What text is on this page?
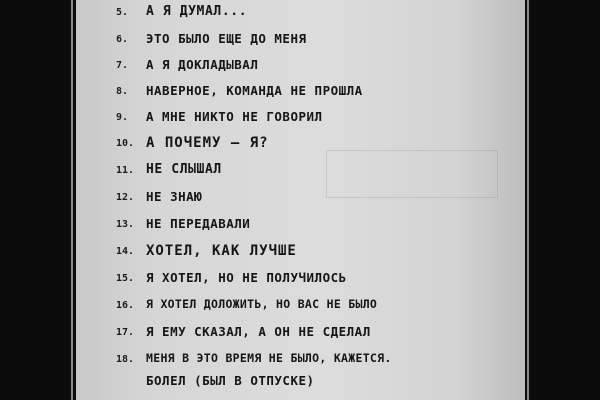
5.	А Я ДУМАЛ...
6.	ЭТО БЫЛО ЕЩЕ ДО МЕНЯ
7.	А Я ДОКЛАДЫВАЛ
8.	НАВЕРНОЕ, КОМАНДА НЕ ПРОШЛА
9.	А МНЕ НИКТО НЕ ГОВОРИЛ
10. А ПОЧЕМУ — Я?
11. НЕ СЛЫШАЛ
12. НЕ ЗНАЮ
13. НЕ ПЕРЕДАВАЛИ
14. ХОТЕЛ, КАК ЛУЧШЕ
15. Я ХОТЕЛ, НО НЕ ПОЛУЧИЛОСЬ
16.	Я ХОТЕЛ ДОЛОЖИТЬ, НО ВАС НЕ БЫЛО
17. Я ЕМУ СКАЗАЛ, А ОН НЕ СДЕЛАЛ
18.	МЕНЯ В ЭТО ВРЕМЯ НЕ БЫЛО, КАЖЕТСЯ.
БОЛЕЛ (БЫЛ В ОТПУСКЕ)
